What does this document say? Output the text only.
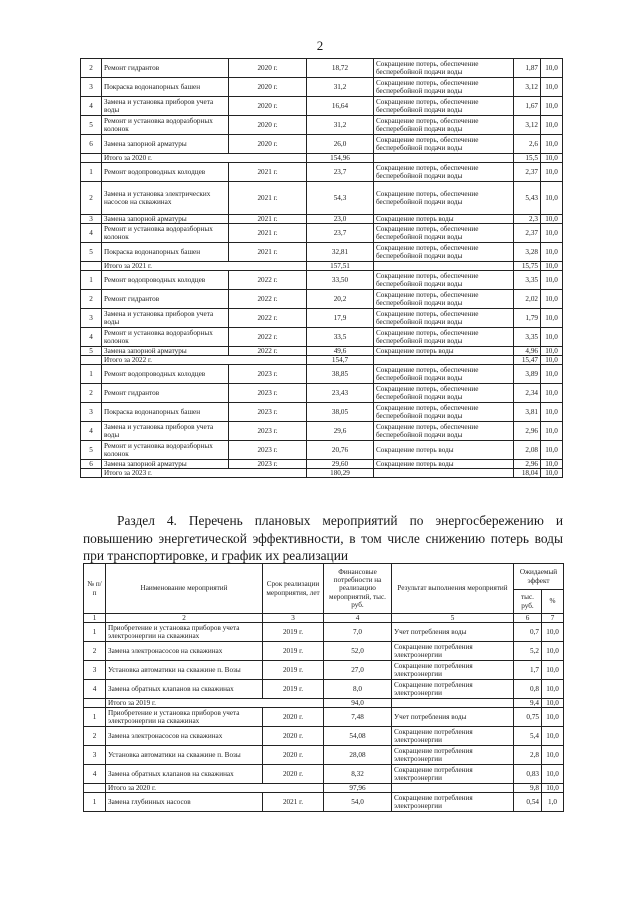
2
2	Ремонт гидрантов	2020 г.	18,72	Сокращение потерь, обеспечение бесперебойной подачи воды	1,87	10,0
3	Покраска водонапорных башен	2020 г.	31,2	Сокращение потерь, обеспечение бесперебойной подачи воды	3,12	10,0
4	Замена и установка приборов учета воды	2020 г.	16,64	Сокращение потерь, обеспечение бесперебойной подачи воды	1,67	10,0
5	Ремонт и установка водоразборных колонок	2020 г.	31,2	Сокращение потерь, обеспечение бесперебойной подачи воды	3,12	10,0
6	Замена запорной арматуры	2020 г.	26,0	Сокращение потерь, обеспечение бесперебойной подачи воды	2,6	10,0
	Итого за 2020 г.		154,96		15,5	10,0
1	Ремонт водопроводных колодцев	2021 г.	23,7	Сокращение потерь, обеспечение бесперебойной подачи воды	2,37	10,0
2	Замена и установка электрических насосов на скважинах	2021 г.	54,3	Сокращение потерь, обеспечение бесперебойной подачи воды	5,43	10,0
3	Замена запорной арматуры	2021 г.	23,0	Сокращение потерь воды	2,3	10,0
4	Ремонт и установка водоразборных колонок	2021 г.	23,7	Сокращение потерь, обеспечение бесперебойной подачи воды	2,37	10,0
5	Покраска водонапорных башен	2021 г.	32,81	Сокращение потерь, обеспечение бесперебойной подачи воды	3,28	10,0
	Итого за 2021 г.		157,51		15,75	10,0
1	Ремонт водопроводных колодцев	2022 г.	33,50	Сокращение потерь, обеспечение бесперебойной подачи воды	3,35	10,0
2	Ремонт гидрантов	2022 г.	20,2	Сокращение потерь, обеспечение бесперебойной подачи воды	2,02	10,0
3	Замена и установка приборов учета воды	2022 г.	17,9	Сокращение потерь, обеспечение бесперебойной подачи воды	1,79	10,0
4	Ремонт и установка водоразборных колонок	2022 г.	33,5	Сокращение потерь, обеспечение бесперебойной подачи воды	3,35	10,0
5	Замена запорной арматуры	2022 г.	49,6	Сокращение потерь воды	4,96	10,0
	Итого за 2022 г.		154,7		15,47	10,0
1	Ремонт водопроводных колодцев	2023 г.	38,85	Сокращение потерь, обеспечение бесперебойной подачи воды	3,89	10,0
2	Ремонт гидрантов	2023 г.	23,43	Сокращение потерь, обеспечение бесперебойной подачи воды	2,34	10,0
3	Покраска водонапорных башен	2023 г.	38,05	Сокращение потерь, обеспечение бесперебойной подачи воды	3,81	10,0
4	Замена и установка приборов учета воды	2023 г.	29,6	Сокращение потерь, обеспечение бесперебойной подачи воды	2,96	10,0
5	Ремонт и установка водоразборных колонок	2023 г.	20,76	Сокращение потерь воды	2,08	10,0
6	Замена запорной арматуры	2023 г.	29,60	Сокращение потерь воды	2,96	10,0
	Итого за 2023 г.		180,29		18,04	10,0
Раздел 4. Перечень плановых мероприятий по энергосбережению и повышению энергетической эффективности, в том числе снижению потерь воды при транспортировке, и график их реализации
№ п/п	Наименование мероприятий	Срок реализации мероприятия, лет	Финансовые потребности на реализацию мероприятий, тыс. руб.	Результат выполнения мероприятий	Ожидаемый эффект	
					тыс. руб.	%
1	2	3	4	5	6	7
1	Приобретение и установка приборов учета электроэнергии на скважинах	2019 г.	7,0	Учет потребления воды	0,7	10,0
2	Замена электронасосов на скважинах	2019 г.	52,0	Сокращение потребления электроэнергии	5,2	10,0
3	Установка автоматики на скважине п. Возы	2019 г.	27,0	Сокращение потребления электроэнергии	1,7	10,0
4	Замена обратных клапанов на скважинах	2019 г.	8,0	Сокращение потребления электроэнергии	0,8	10,0
	Итого за 2019 г.		94,0		9,4	10,0
1	Приобретение и установка приборов учета электроэнергии на скважинах	2020 г.	7,48	Учет потребления воды	0,75	10,0
2	Замена электронасосов на скважинах	2020 г.	54,08	Сокращение потребления электроэнергии	5,4	10,0
3	Установка автоматики на скважине п. Возы	2020 г.	28,08	Сокращение потребления электроэнергии	2,8	10,0
4	Замена обратных клапанов на скважинах	2020 г.	8,32	Сокращение потребления электроэнергии	0,83	10,0
	Итого за 2020 г.		97,96		9,8	10,0
1	Замена глубинных насосов	2021 г.	54,0	Сокращение потребления электроэнергии	0,54	1,0
